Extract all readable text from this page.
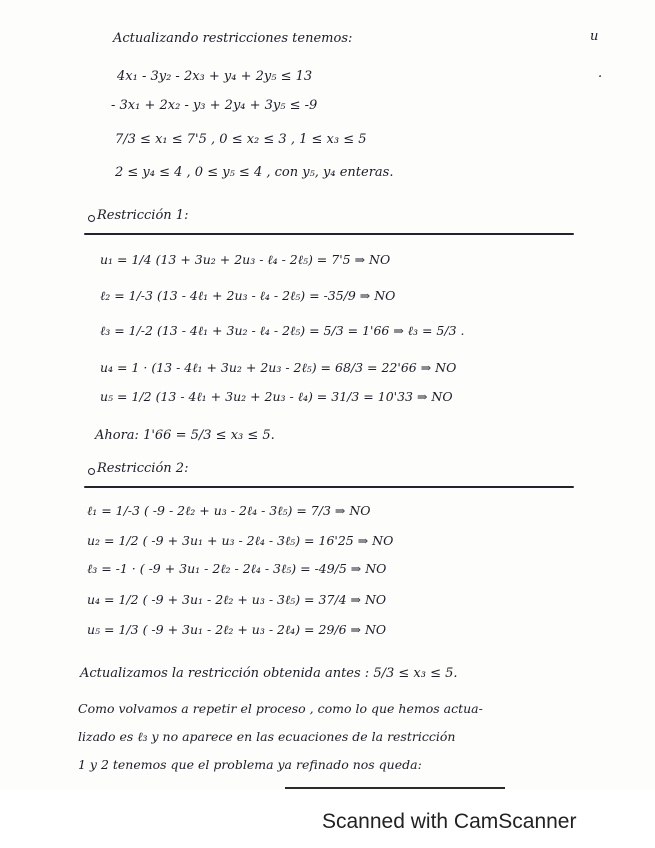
Actualizando restricciones tenemos:	u

.

4x₁ - 3y₂ - 2x₃ + y₄ + 2y₅ ≤ 13

- 3x₁ + 2x₂ - y₃ + 2y₄ + 3y₅ ≤ -9

7/3 ≤ x₁ ≤ 7'5 , 0 ≤ x₂ ≤ 3 , 1 ≤ x₃ ≤ 5

2 ≤ y₄ ≤ 4 , 0 ≤ y₅ ≤ 4 , con y₅, y₄ enteras.

Restricción 1:

u₁ = 1/4 (13 + 3u₂ + 2u₃ - ℓ₄ - 2ℓ₅) = 7'5 ⇒ NO

ℓ₂ = 1/-3 (13 - 4ℓ₁ + 2u₃ - ℓ₄ - 2ℓ₅) = -35/9 ⇒ NO

ℓ₃ = 1/-2 (13 - 4ℓ₁ + 3u₂ - ℓ₄ - 2ℓ₅) = 5/3 = 1'66 ⇒ ℓ₃ = 5/3 .

u₄ = 1 · (13 - 4ℓ₁ + 3u₂ + 2u₃ - 2ℓ₅) = 68/3 = 22'66 ⇒ NO

u₅ = 1/2 (13 - 4ℓ₁ + 3u₂ + 2u₃ - ℓ₄) = 31/3 = 10'33 ⇒ NO

Ahora: 1'66 = 5/3 ≤ x₃ ≤ 5.

Restricción 2:

ℓ₁ = 1/-3 ( -9 - 2ℓ₂ + u₃ - 2ℓ₄ - 3ℓ₅) = 7/3 ⇒ NO

u₂ = 1/2 ( -9 + 3u₁ + u₃ - 2ℓ₄ - 3ℓ₅) = 16'25 ⇒ NO

ℓ₃ = -1 · ( -9 + 3u₁ - 2ℓ₂ - 2ℓ₄ - 3ℓ₅) = -49/5 ⇒ NO

u₄ = 1/2 ( -9 + 3u₁ - 2ℓ₂ + u₃ - 3ℓ₅) = 37/4 ⇒ NO

u₅ = 1/3 ( -9 + 3u₁ - 2ℓ₂ + u₃ - 2ℓ₄) = 29/6 ⇒ NO

Actualizamos la restricción obtenida antes : 5/3 ≤ x₃ ≤ 5.

Como volvamos a repetir el proceso , como lo que hemos actua-

lizado es ℓ₃ y no aparece en las ecuaciones de la restricción

1 y 2 tenemos que el problema ya refinado nos queda:

Scanned with CamScanner
